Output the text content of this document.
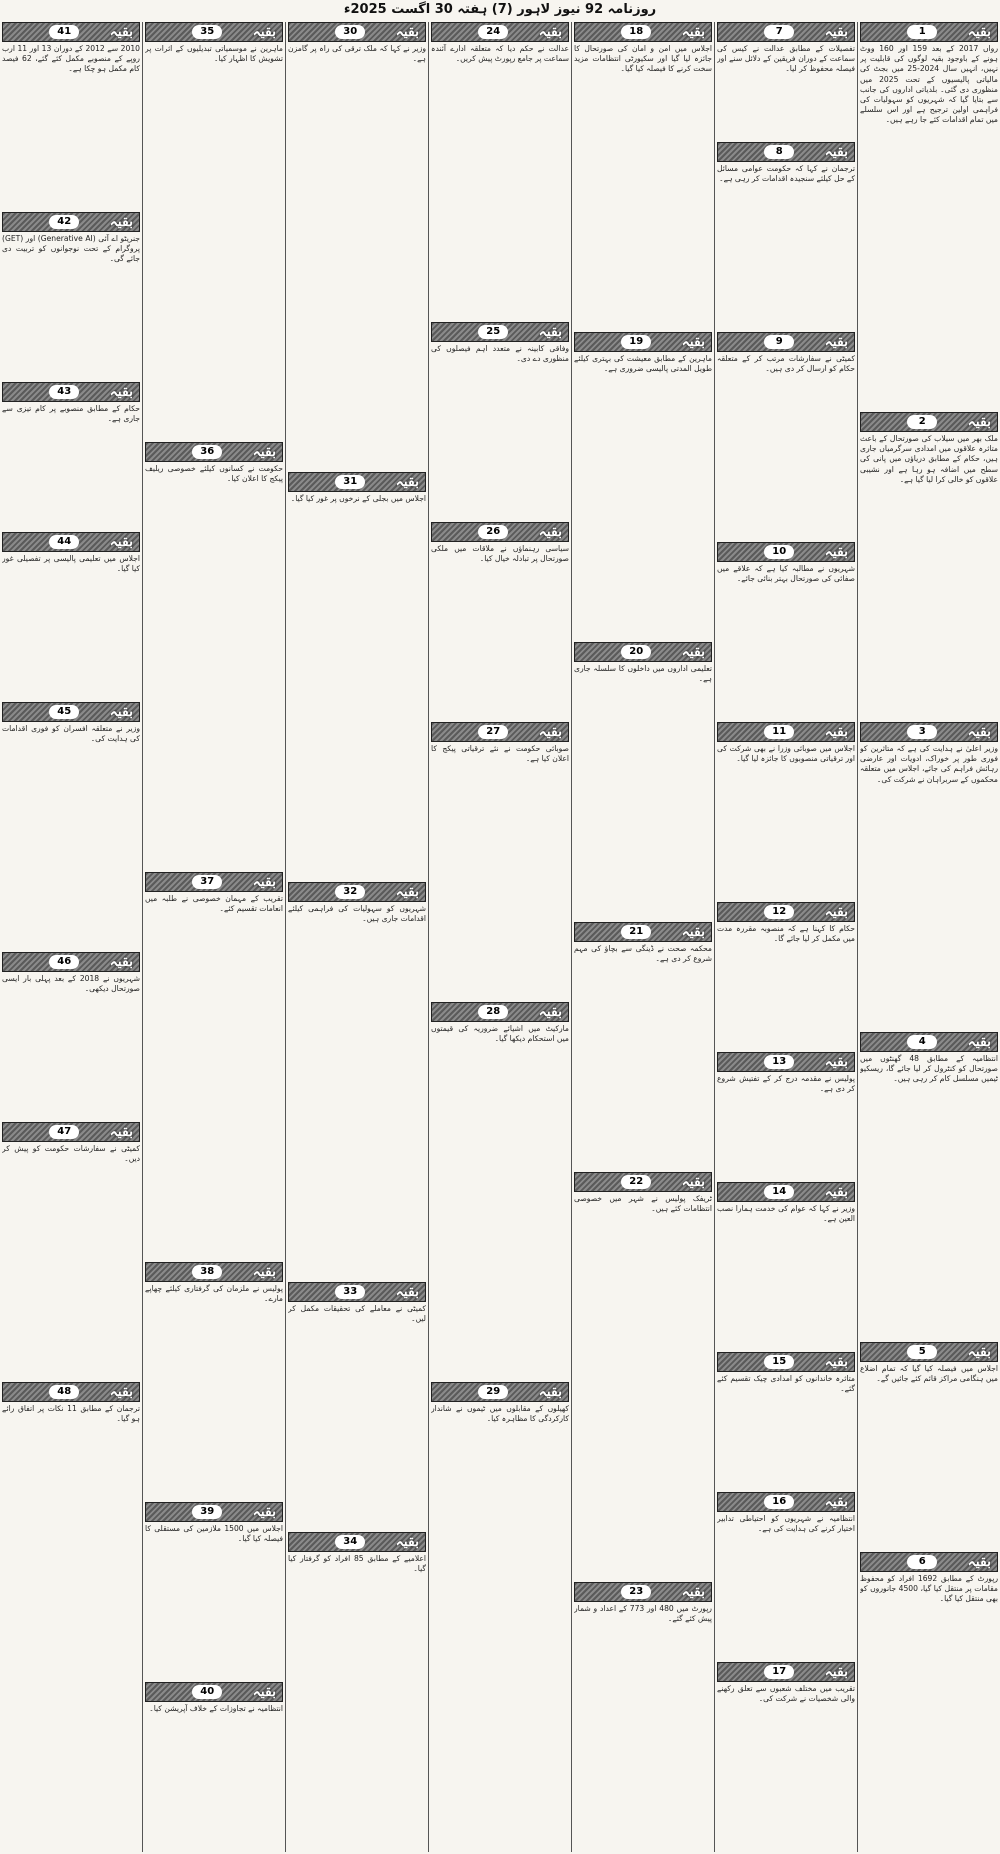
روزنامہ 92 نیوز لاہور (7) ہفتہ 30 اگست 2025ء
بقیہ
1
رواں 2017 کے بعد 159 اور 160 ووٹ ہونے کے باوجود بقیہ لوگوں کی قابلیت پر نہیں، انہیں سال 2024-25 میں بجٹ کی مالیاتی پالیسیوں کے تحت 2025 میں منظوری دی گئی۔ بلدیاتی اداروں کی جانب سے بتایا گیا کہ شہریوں کو سہولیات کی فراہمی اولین ترجیح ہے اور اس سلسلے میں تمام اقدامات کئے جا رہے ہیں۔
بقیہ
2
ملک بھر میں سیلاب کی صورتحال کے باعث متاثرہ علاقوں میں امدادی سرگرمیاں جاری ہیں، حکام کے مطابق دریاؤں میں پانی کی سطح میں اضافہ ہو رہا ہے اور نشیبی علاقوں کو خالی کرا لیا گیا ہے۔
بقیہ
3
وزیر اعلیٰ نے ہدایت کی ہے کہ متاثرین کو فوری طور پر خوراک، ادویات اور عارضی رہائش فراہم کی جائے، اجلاس میں متعلقہ محکموں کے سربراہان نے شرکت کی۔
بقیہ
4
انتظامیہ کے مطابق 48 گھنٹوں میں صورتحال کو کنٹرول کر لیا جائے گا، ریسکیو ٹیمیں مسلسل کام کر رہی ہیں۔
بقیہ
5
اجلاس میں فیصلہ کیا گیا کہ تمام اضلاع میں ہنگامی مراکز قائم کئے جائیں گے۔
بقیہ
6
رپورٹ کے مطابق 1692 افراد کو محفوظ مقامات پر منتقل کیا گیا، 4500 جانوروں کو بھی منتقل کیا گیا۔
بقیہ
7
تفصیلات کے مطابق عدالت نے کیس کی سماعت کے دوران فریقین کے دلائل سنے اور فیصلہ محفوظ کر لیا۔
بقیہ
8
ترجمان نے کہا کہ حکومت عوامی مسائل کے حل کیلئے سنجیدہ اقدامات کر رہی ہے۔
بقیہ
9
کمیٹی نے سفارشات مرتب کر کے متعلقہ حکام کو ارسال کر دی ہیں۔
بقیہ
10
شہریوں نے مطالبہ کیا ہے کہ علاقے میں صفائی کی صورتحال بہتر بنائی جائے۔
بقیہ
11
اجلاس میں صوبائی وزرا نے بھی شرکت کی اور ترقیاتی منصوبوں کا جائزہ لیا گیا۔
بقیہ
12
حکام کا کہنا ہے کہ منصوبہ مقررہ مدت میں مکمل کر لیا جائے گا۔
بقیہ
13
پولیس نے مقدمہ درج کر کے تفتیش شروع کر دی ہے۔
بقیہ
14
وزیر نے کہا کہ عوام کی خدمت ہمارا نصب العین ہے۔
بقیہ
15
متاثرہ خاندانوں کو امدادی چیک تقسیم کئے گئے۔
بقیہ
16
انتظامیہ نے شہریوں کو احتیاطی تدابیر اختیار کرنے کی ہدایت کی ہے۔
بقیہ
17
تقریب میں مختلف شعبوں سے تعلق رکھنے والی شخصیات نے شرکت کی۔
بقیہ
18
اجلاس میں امن و امان کی صورتحال کا جائزہ لیا گیا اور سکیورٹی انتظامات مزید سخت کرنے کا فیصلہ کیا گیا۔
بقیہ
19
ماہرین کے مطابق معیشت کی بہتری کیلئے طویل المدتی پالیسی ضروری ہے۔
بقیہ
20
تعلیمی اداروں میں داخلوں کا سلسلہ جاری ہے۔
بقیہ
21
محکمہ صحت نے ڈینگی سے بچاؤ کی مہم شروع کر دی ہے۔
بقیہ
22
ٹریفک پولیس نے شہر میں خصوصی انتظامات کئے ہیں۔
بقیہ
23
رپورٹ میں 480 اور 773 کے اعداد و شمار پیش کئے گئے۔
بقیہ
24
عدالت نے حکم دیا کہ متعلقہ ادارے آئندہ سماعت پر جامع رپورٹ پیش کریں۔
بقیہ
25
وفاقی کابینہ نے متعدد اہم فیصلوں کی منظوری دے دی۔
بقیہ
26
سیاسی رہنماؤں نے ملاقات میں ملکی صورتحال پر تبادلہ خیال کیا۔
بقیہ
27
صوبائی حکومت نے نئے ترقیاتی پیکج کا اعلان کیا ہے۔
بقیہ
28
مارکیٹ میں اشیائے ضروریہ کی قیمتوں میں استحکام دیکھا گیا۔
بقیہ
29
کھیلوں کے مقابلوں میں ٹیموں نے شاندار کارکردگی کا مظاہرہ کیا۔
بقیہ
30
وزیر نے کہا کہ ملک ترقی کی راہ پر گامزن ہے۔
بقیہ
31
اجلاس میں بجلی کے نرخوں پر غور کیا گیا۔
بقیہ
32
شہریوں کو سہولیات کی فراہمی کیلئے اقدامات جاری ہیں۔
بقیہ
33
کمیٹی نے معاملے کی تحقیقات مکمل کر لیں۔
بقیہ
34
اعلامیے کے مطابق 85 افراد کو گرفتار کیا گیا۔
بقیہ
35
ماہرین نے موسمیاتی تبدیلیوں کے اثرات پر تشویش کا اظہار کیا۔
بقیہ
36
حکومت نے کسانوں کیلئے خصوصی ریلیف پیکج کا اعلان کیا۔
بقیہ
37
تقریب کے مہمان خصوصی نے طلبہ میں انعامات تقسیم کئے۔
بقیہ
38
پولیس نے ملزمان کی گرفتاری کیلئے چھاپے مارے۔
بقیہ
39
اجلاس میں 1500 ملازمین کی مستقلی کا فیصلہ کیا گیا۔
بقیہ
40
انتظامیہ نے تجاوزات کے خلاف آپریشن کیا۔
بقیہ
41
2010 سے 2012 کے دوران 13 اور 11 ارب روپے کے منصوبے مکمل کئے گئے، 62 فیصد کام مکمل ہو چکا ہے۔
بقیہ
42
جنریٹو اے آئی (Generative AI) اور (GET) پروگرام کے تحت نوجوانوں کو تربیت دی جائے گی۔
بقیہ
43
حکام کے مطابق منصوبے پر کام تیزی سے جاری ہے۔
بقیہ
44
اجلاس میں تعلیمی پالیسی پر تفصیلی غور کیا گیا۔
بقیہ
45
وزیر نے متعلقہ افسران کو فوری اقدامات کی ہدایت کی۔
بقیہ
46
شہریوں نے 2018 کے بعد پہلی بار ایسی صورتحال دیکھی۔
بقیہ
47
کمیٹی نے سفارشات حکومت کو پیش کر دیں۔
بقیہ
48
ترجمان کے مطابق 11 نکات پر اتفاق رائے ہو گیا۔
